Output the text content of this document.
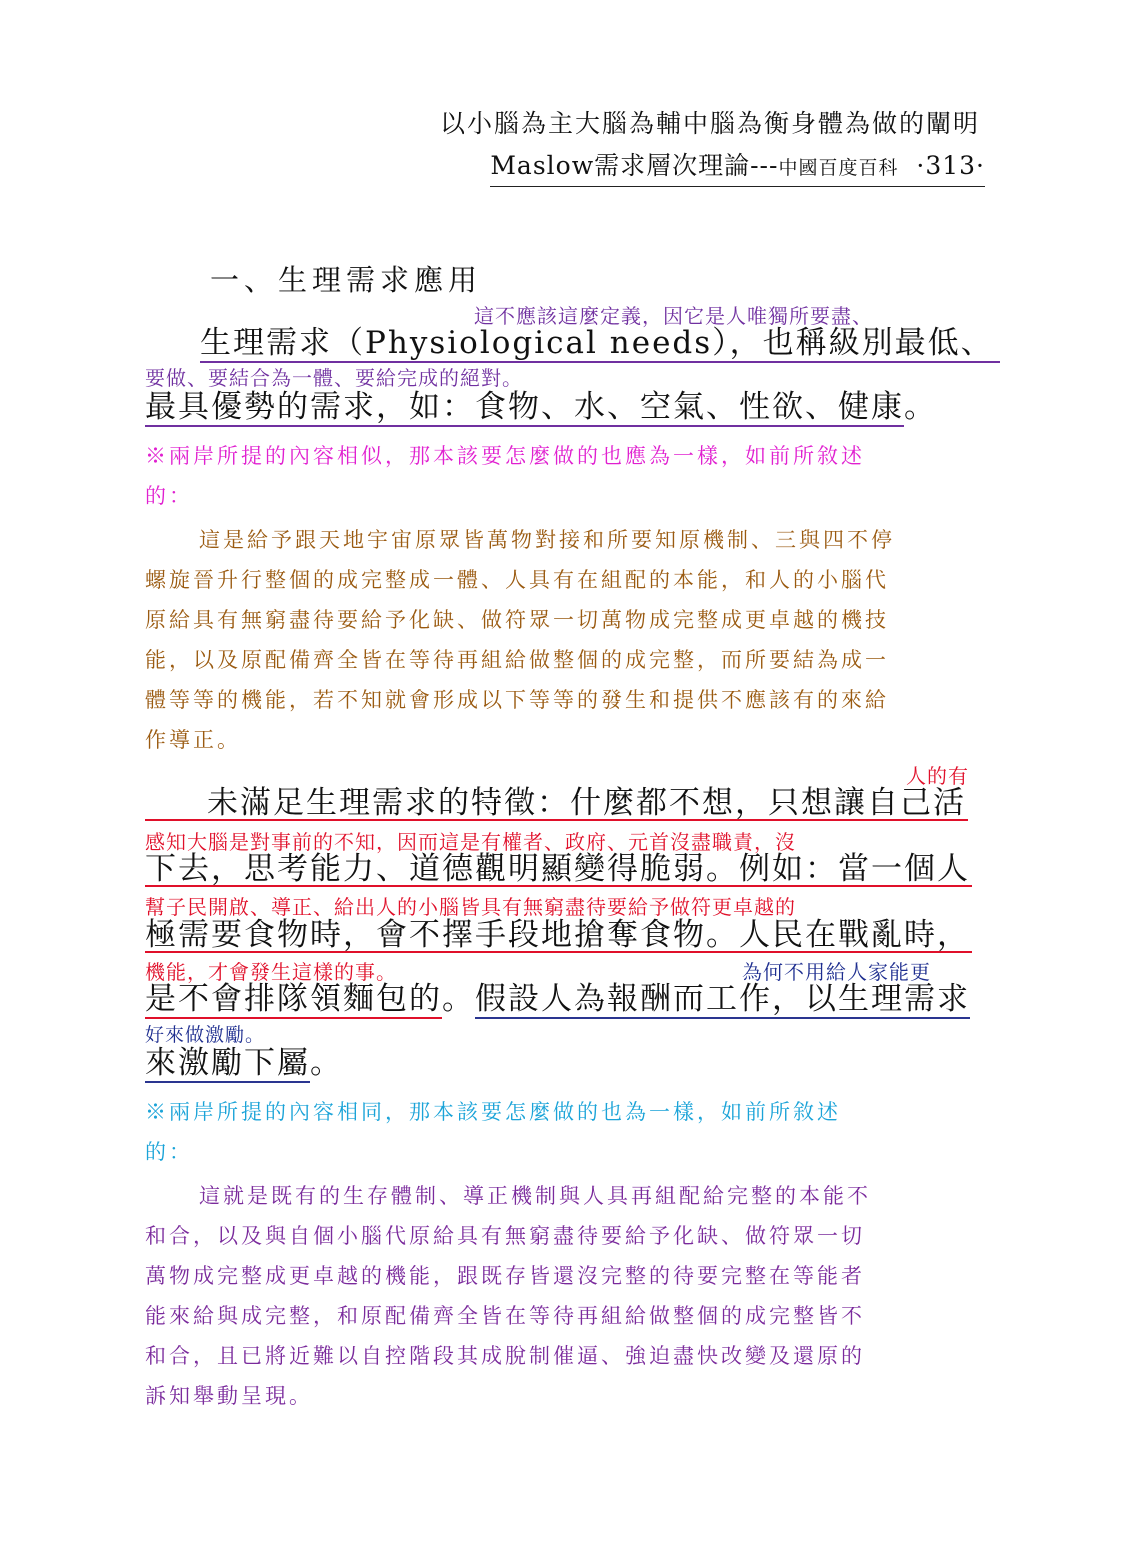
以小腦為主大腦為輔中腦為衡身體為做的闡明
Maslow需求層次理論---中國百度百科 ·313·
一、生理需求應用
這不應該這麼定義，因它是人唯獨所要盡、
生理需求（Physiological needs），也稱級別最低、
要做、要結合為一體、要給完成的絕對。
最具優勢的需求，如：食物、水、空氣、性欲、健康。
※兩岸所提的內容相似，那本該要怎麼做的也應為一樣，如前所敘述
的：
這是給予跟天地宇宙原眾皆萬物對接和所要知原機制、三與四不停
螺旋晉升行整個的成完整成一體、人具有在組配的本能，和人的小腦代
原給具有無窮盡待要給予化缺、做符眾一切萬物成完整成更卓越的機技
能，以及原配備齊全皆在等待再組給做整個的成完整，而所要結為成一
體等等的機能，若不知就會形成以下等等的發生和提供不應該有的來給
作導正。
人的有
未滿足生理需求的特徵：什麼都不想，只想讓自己活
感知大腦是對事前的不知，因而這是有權者、政府、元首沒盡職責，沒
下去，思考能力、道德觀明顯變得脆弱。例如：當一個人
幫子民開啟、導正、給出人的小腦皆具有無窮盡待要給予做符更卓越的
極需要食物時，會不擇手段地搶奪食物。人民在戰亂時，
機能，才會發生這樣的事。	為何不用給人家能更
是不會排隊領麵包的。假設人為報酬而工作，以生理需求
好來做激勵。
來激勵下屬。
※兩岸所提的內容相同，那本該要怎麼做的也為一樣，如前所敘述
的：
這就是既有的生存體制、導正機制與人具再組配給完整的本能不
和合，以及與自個小腦代原給具有無窮盡待要給予化缺、做符眾一切
萬物成完整成更卓越的機能，跟既存皆還沒完整的待要完整在等能者
能來給與成完整，和原配備齊全皆在等待再組給做整個的成完整皆不
和合，且已將近難以自控階段其成脫制催逼、強迫盡快改變及還原的
訴知舉動呈現。
